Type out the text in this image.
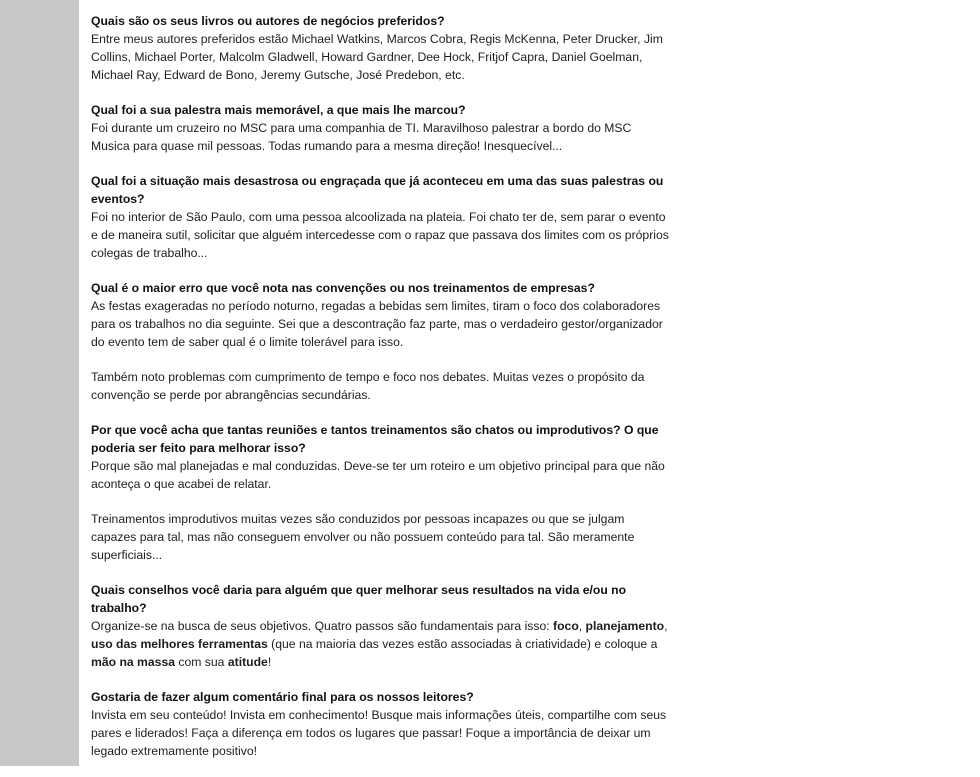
Quais são os seus livros ou autores de negócios preferidos?
Entre meus autores preferidos estão Michael Watkins, Marcos Cobra, Regis McKenna, Peter Drucker, Jim Collins, Michael Porter, Malcolm Gladwell, Howard Gardner, Dee Hock, Fritjof Capra, Daniel Goelman, Michael Ray, Edward de Bono, Jeremy Gutsche, José Predebon, etc.
Qual foi a sua palestra mais memorável, a que mais lhe marcou?
Foi durante um cruzeiro no MSC para uma companhia de TI. Maravilhoso palestrar a bordo do MSC Musica para quase mil pessoas. Todas rumando para a mesma direção! Inesquecível...
Qual foi a situação mais desastrosa ou engraçada que já aconteceu em uma das suas palestras ou eventos?
Foi no interior de São Paulo, com uma pessoa alcoolizada na plateia. Foi chato ter de, sem parar o evento e de maneira sutil, solicitar que alguém intercedesse com o rapaz que passava dos limites com os próprios colegas de trabalho...
Qual é o maior erro que você nota nas convenções ou nos treinamentos de empresas?
As festas exageradas no período noturno, regadas a bebidas sem limites, tiram o foco dos colaboradores para os trabalhos no dia seguinte. Sei que a descontração faz parte, mas o verdadeiro gestor/organizador do evento tem de saber qual é o limite tolerável para isso.
Também noto problemas com cumprimento de tempo e foco nos debates. Muitas vezes o propósito da convenção se perde por abrangências secundárias.
Por que você acha que tantas reuniões e tantos treinamentos são chatos ou improdutivos? O que poderia ser feito para melhorar isso?
Porque são mal planejadas e mal conduzidas. Deve-se ter um roteiro e um objetivo principal para que não aconteça o que acabei de relatar.
Treinamentos improdutivos muitas vezes são conduzidos por pessoas incapazes ou que se julgam capazes para tal, mas não conseguem envolver ou não possuem conteúdo para tal. São meramente superficiais...
Quais conselhos você daria para alguém que quer melhorar seus resultados na vida e/ou no trabalho?
Organize-se na busca de seus objetivos. Quatro passos são fundamentais para isso: foco, planejamento, uso das melhores ferramentas (que na maioria das vezes estão associadas à criatividade) e coloque a mão na massa com sua atitude!
Gostaria de fazer algum comentário final para os nossos leitores?
Invista em seu conteúdo! Invista em conhecimento! Busque mais informações úteis, compartilhe com seus pares e liderados! Faça a diferença em todos os lugares que passar! Foque a importância de deixar um legado extremamente positivo!
